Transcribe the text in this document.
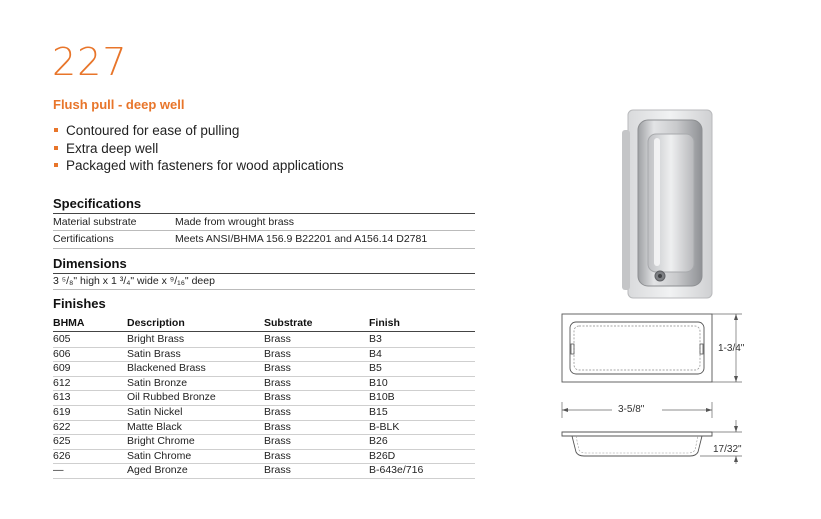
227
Flush pull - deep well
Contoured for ease of pulling
Extra deep well
Packaged with fasteners for wood applications
Specifications
Material substrate	Made from wrought brass
Certifications	Meets ANSI/BHMA 156.9 B22201 and A156.14 D2781
Dimensions
3 ⁵/₈" high x 1 ³/₄" wide x ⁹/₁₆" deep
Finishes
BHMA	Description	Substrate	Finish
605	Bright Brass	Brass	B3
606	Satin Brass	Brass	B4
609	Blackened Brass	Brass	B5
612	Satin Bronze	Brass	B10
613	Oil Rubbed Bronze	Brass	B10B
619	Satin Nickel	Brass	B15
622	Matte Black	Brass	B-BLK
625	Bright Chrome	Brass	B26
626	Satin Chrome	Brass	B26D
—	Aged Bronze	Brass	B-643e/716
1-3/4"
3-5/8"
17/32"
